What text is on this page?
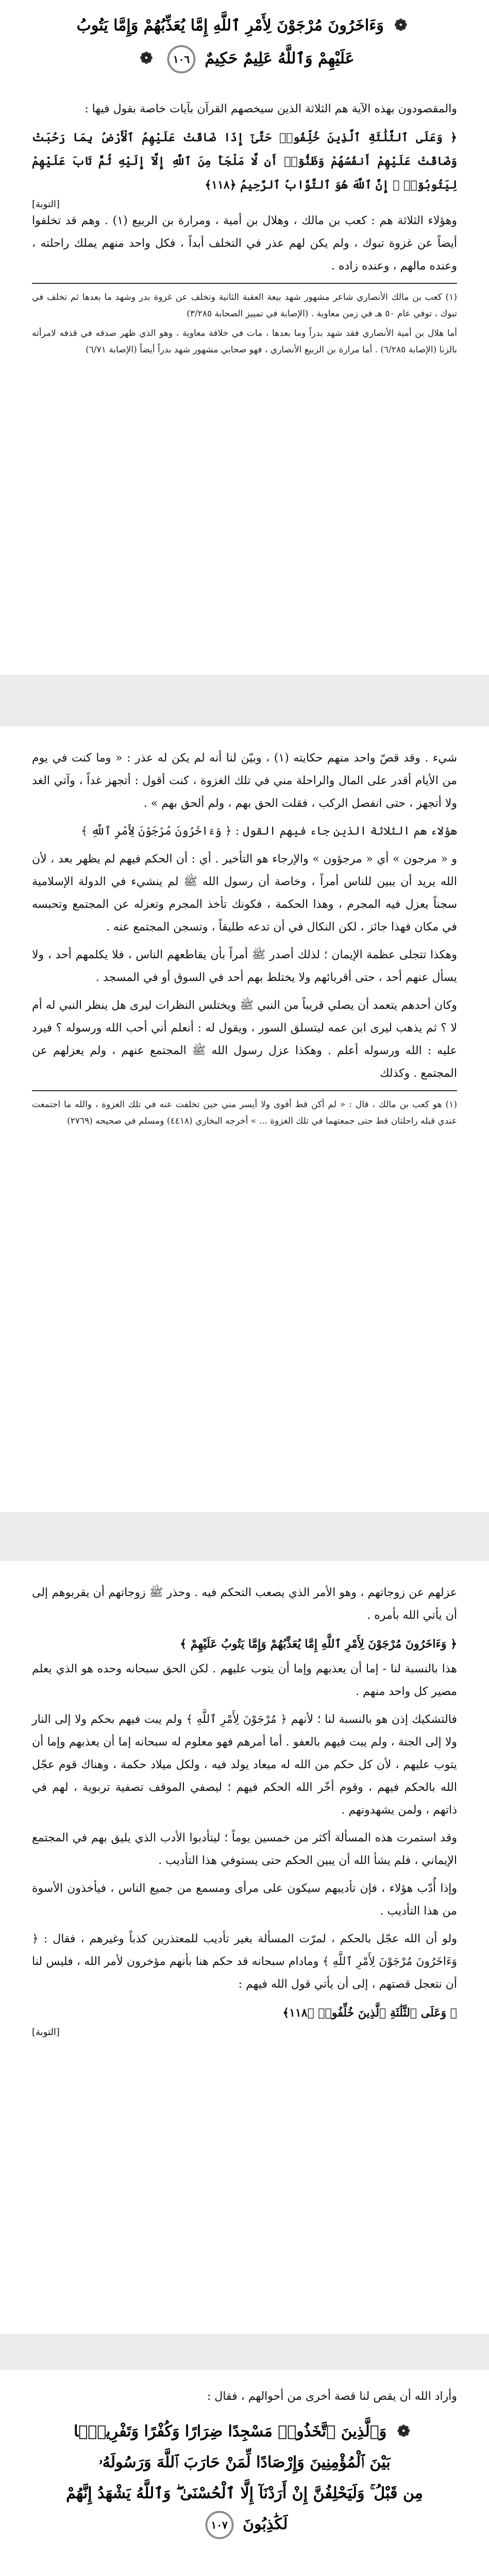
❁ وَءَاخَرُونَ مُرْجَوْنَ لِأَمْرِ ٱللَّهِ إِمَّا يُعَذِّبُهُمْ وَإِمَّا يَتُوبُ
عَلَيْهِمْ وَٱللَّهُ عَلِيمٌ حَكِيمٌ ١٠٦ ❁

والمقصودون بهذه الآية هم الثلاثة الذين سيخصهم القرآن بآيات خاصة بقول فيها :

﴿ وَعَلَى ٱلثَّلَٰثَةِ ٱلَّذِينَ خُلِّفُوا۟ حَتَّىٰٓ إِذَا ضَاقَتْ عَلَيْهِمُ ٱلْأَرْضُ بِمَا رَحُبَتْ وَضَاقَتْ عَلَيْهِمْ أَنفُسُهُمْ وَظَنُّوٓا۟ أَن لَّا مَلْجَأَ مِنَ ٱللَّهِ إِلَّآ إِلَيْهِ ثُمَّ تَابَ عَلَيْهِمْ لِيَتُوبُوٓا۟ ۚ إِنَّ ٱللَّهَ هُوَ ٱلتَّوَّابُ ٱلرَّحِيمُ ﴿١١٨﴾

[التوبة]

وهؤلاء الثلاثة هم : كعب بن مالك ، وهلال بن أمية ، ومرارة بن الربيع (١) . وهم قد تخلفوا أيضاً عن غزوة تبوك ، ولم يكن لهم عذر في التخلف أبداً ، فكل واحد منهم يملك راحلته ، وعنده مالهم ، وعنده زاده .

(١) كعب بن مالك الأنصاري شاعر مشهور شهد بيعة العقبة الثانية وتخلف عن غزوة بدر وشهد ما بعدها ثم تخلف في تبوك ، توفي عام ٥٠ هـ في زمن معاوية . (الإصابة في تمييز الصحابة ٣/٢٨٥)

أما هلال بن أمية الأنصاري فقد شهد بدراً وما بعدها ، مات في خلافة معاوية ، وهو الذي ظهر صدقه في قذفه لامرأته بالزنا (الإصابة ٦/٢٨٥) . أما مرارة بن الربيع الأنصاري ، فهو صحابي مشهور شهد بدراً أيضاً (الإصابة ٦/٧١)

شيء . وقد قصّ واحد منهم حكايته (١) ، وبيّن لنا أنه لم يكن له عذر : « وما كنت في يوم من الأيام أقدر على المال والراحلة مني في تلك الغزوة ، كنت أقول : أتجهز غداً ، وآتي الغد ولا أتجهز ، حتى انفصل الركب ، فقلت الحق بهم ، ولم ألحق بهم » .

هؤلاء هم الثلاثة الذين جاء فيهم القول : ﴿ وَءَاخَرُونَ مُرْجَوْنَ لِأَمْرِ ٱللَّهِ ﴾

و « مرجون » أي « مرجؤون » والإرجاء هو التأخير . أي : أن الحكم فيهم لم يظهر بعد ، لأن الله يريد أن يبين للناس أمراً ، وخاصة أن رسول الله ﷺ لم ينشيء في الدولة الإسلامية سجناً يعزل فيه المجرم ، وهذا الحكمة ، فكونك تأخذ المجرم وتعزله عن المجتمع وتحبسه في مكان فهذا جائز ، لكن النكال في أن تدعه طليقاً ، وتسجن المجتمع عنه .

وهكذا تتجلى عظمة الإيمان ؛ لذلك أصدر ﷺ أمراً بأن يقاطعهم الناس ، فلا يكلمهم أحد ، ولا يسأل عنهم أحد ، حتى أقربائهم ولا يختلط بهم أحد في السوق أو في المسجد .

وكان أحدهم يتعمد أن يصلي قريباً من النبي ﷺ ويختلس النظرات ليرى هل ينظر النبي له أم لا ؟ ثم يذهب ليرى ابن عمه ليتسلق السور ، ويقول له : أنعلم أني أحب الله ورسوله ؟ فيرد عليه : الله ورسوله أعلم . وهكذا عزل رسول الله ﷺ المجتمع عنهم ، ولم يعزلهم عن المجتمع . وكذلك

(١) هو كعب بن مالك ، قال : « لم أكن قط أقوى ولا أيسر مني حين تخلفت عنه في تلك الغزوة ، والله ما اجتمعت عندي قبله راحلتان قط حتى جمعتهما في تلك الغزوة ... » أخرجه البخاري (٤٤١٨) ومسلم في صحيحه (٢٧٦٩)

عزلهم عن زوجاتهم ، وهو الأمر الذي يصعب التحكم فيه . وحذر ﷺ زوجاتهم أن يقربوهم إلى أن يأتي الله بأمره .

﴿ وَءَاخَرُونَ مُرْجَوْنَ لِأَمْرِ ٱللَّهِ إِمَّا يُعَذِّبُهُمْ وَإِمَّا يَتُوبُ عَلَيْهِمْ ﴾

هذا بالنسبة لنا - إما أن يعذبهم وإما أن يتوب عليهم . لكن الحق سبحانه وحده هو الذي يعلم مصير كل واحد منهم .

فالتشكيك إذن هو بالنسبة لنا ؛ لأنهم ﴿ مُرْجَوْنَ لِأَمْرِ ٱللَّهِ ﴾ ولم يبت فيهم بحكم ولا إلى النار ولا إلى الجنة ، ولم يبت فيهم بالعفو . أما أمرهم فهو معلوم له سبحانه إما أن يعذبهم وإما أن يتوب عليهم ، لأن كل حكم من الله له ميعاد يولد فيه ، ولكل ميلاد حكمة ، وهناك قوم عجّل الله بالحكم فيهم ، وقوم أخّر الله الحكم فيهم ؛ ليصفي الموقف تصفية تربوية ، لهم في ذاتهم ، ولمن يشهدونهم .

وقد استمرت هذه المسألة أكثر من خمسين يوماً ؛ ليتأدبوا الأدب الذي يليق بهم في المجتمع الإيماني ، فلم يشأ الله أن يبين الحكم حتى يستوفي هذا التأديب .

وإذا أُدّب هؤلاء ، فإن تأديبهم سيكون على مرأى ومسمع من جميع الناس ، فيأخذون الأسوة من هذا التأديب .

ولو أن الله عجّل بالحكم ، لمرّت المسألة بغير تأديب للمعتذرين كذباً وغيرهم ، فقال : ﴿ وَءَاخَرُونَ مُرْجَوْنَ لِأَمْرِ ٱللَّهِ ﴾ ومادام سبحانه قد حكم هنا بأنهم مؤخرون لأمر الله ، فليس لنا أن نتعجل قصتهم ، إلى أن يأتي قول الله فيهم :

﴿ وَعَلَى ٱلثَّلَٰثَةِ ٱلَّذِينَ خُلِّفُوا۟ ﴿١١٨﴾

[التوبة]

وأراد الله أن يقص لنا قصة أخرى من أحوالهم ، فقال :

❁ وَٱلَّذِينَ ٱتَّخَذُوا۟ مَسْجِدًا ضِرَارًا وَكُفْرًا وَتَفْرِيقًۢا
بَيْنَ ٱلْمُؤْمِنِينَ وَإِرْصَادًا لِّمَنْ حَارَبَ ٱللَّهَ وَرَسُولَهُۥ
مِن قَبْلُ ۚ وَلَيَحْلِفُنَّ إِنْ أَرَدْنَآ إِلَّا ٱلْحُسْنَىٰ ۖ وَٱللَّهُ يَشْهَدُ إِنَّهُمْ
لَكَٰذِبُونَ ١٠٧
